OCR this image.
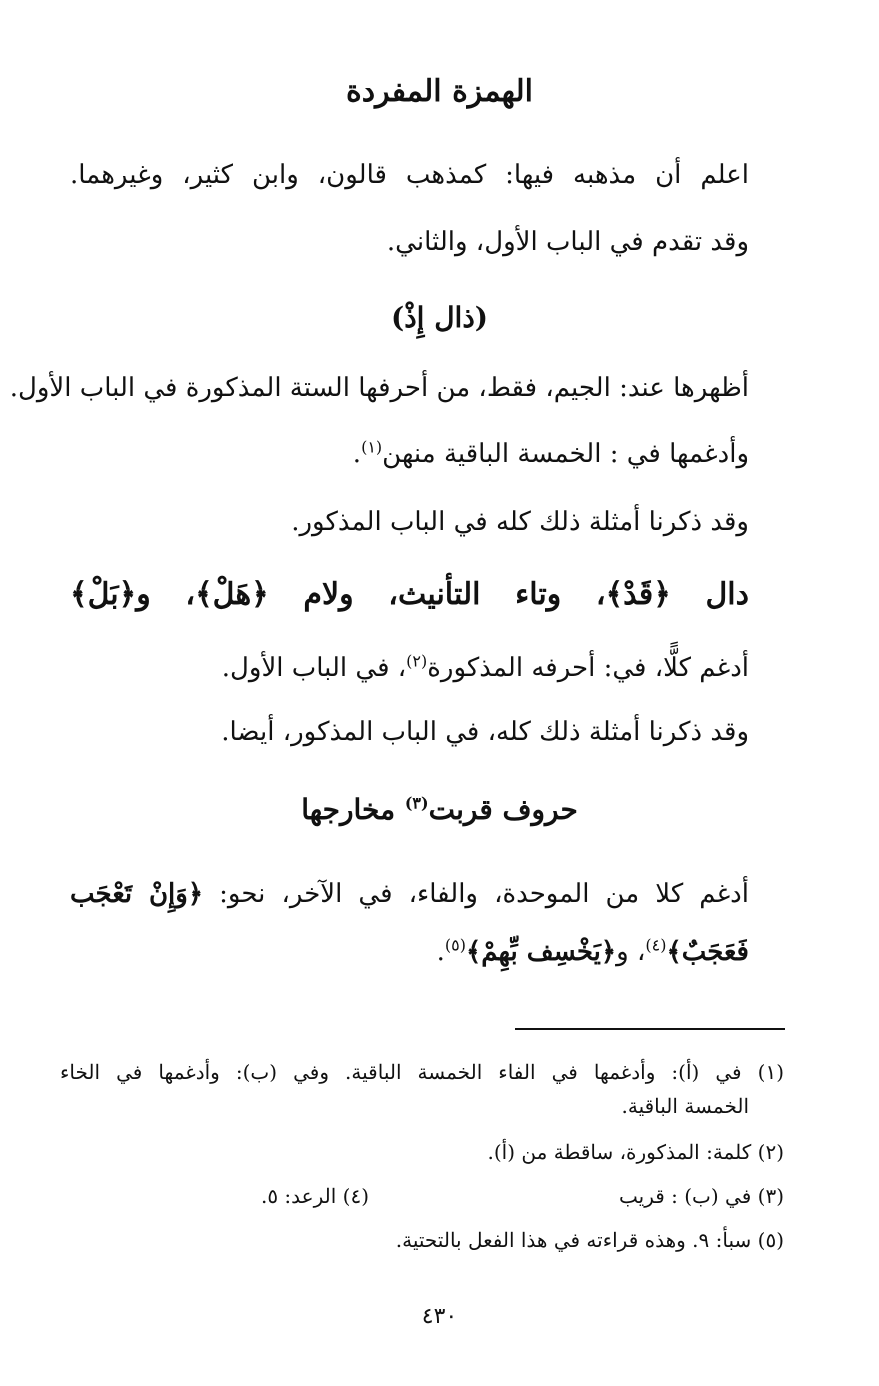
الهمزة المفردة
اعلم أن مذهبه فيها: كمذهب قالون، وابن كثير، وغيرهما.
وقد تقدم في الباب الأول، والثاني.
(ذال إِذْ)
أظهرها عند: الجيم، فقط، من أحرفها الستة المذكورة في الباب الأول.
وأدغمها في : الخمسة الباقية منهن$^{(١)}$.
وقد ذكرنا أمثلة ذلك كله في الباب المذكور.
دال ﴿قَدْ﴾، وتاء التأنيث، ولام ﴿هَلْ﴾، و﴿بَلْ﴾
أدغم كلًّا، في: أحرفه المذكورة$^{(٢)}$، في الباب الأول.
وقد ذكرنا أمثلة ذلك كله، في الباب المذكور، أيضا.
حروف قربت$^{(٣)}$ مخارجها
أدغم كلا من الموحدة، والفاء، في الآخر، نحو: ﴿وَإِنْ تَعْجَب
فَعَجَبٌ﴾$^{(٤)}$، و﴿يَخْسِف بِّهِمْ﴾$^{(٥)}$.
(١) في (أ): وأدغمها في الفاء الخمسة الباقية. وفي (ب): وأدغمها في الخاء
الخمسة الباقية.
(٢) كلمة: المذكورة، ساقطة من (أ).
(٣) في (ب) : قريب
(٤) الرعد: ٥.
(٥) سبأ: ٩. وهذه قراءته في هذا الفعل بالتحتية.
٤٣٠
